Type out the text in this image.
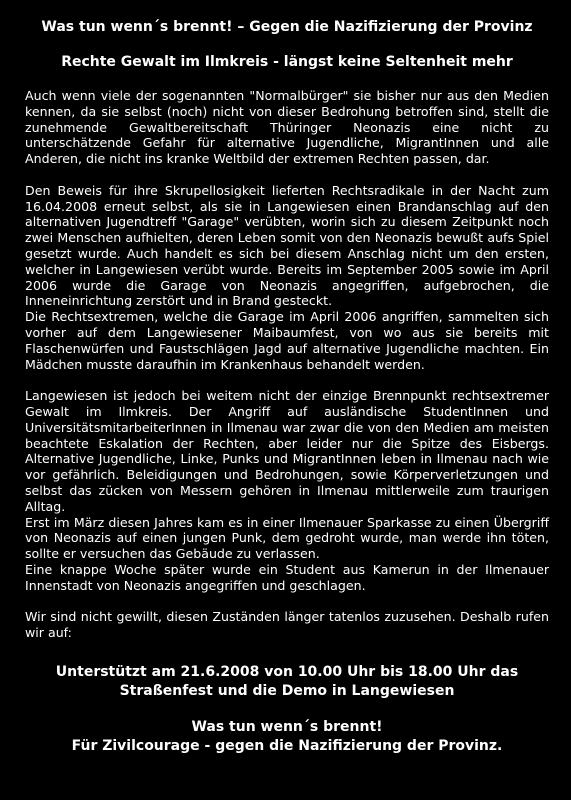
Was tun wenn´s brennt! – Gegen die Nazifizierung der Provinz
Rechte Gewalt im Ilmkreis - längst keine Seltenheit mehr

Auch wenn viele der sogenannten "Normalbürger" sie bisher nur aus den Medien kennen, da sie selbst (noch) nicht von dieser Bedrohung betroffen sind, stellt die zunehmende Gewaltbereitschaft Thüringer Neonazis eine nicht zu unterschätzende Gefahr für alternative Jugendliche, MigrantInnen und alle Anderen, die nicht ins kranke Weltbild der extremen Rechten passen, dar.

Den Beweis für ihre Skrupellosigkeit lieferten Rechtsradikale in der Nacht zum 16.04.2008 erneut selbst, als sie in Langewiesen einen Brandanschlag auf den alternativen Jugendtreff "Garage" verübten, worin sich zu diesem Zeitpunkt noch zwei Menschen aufhielten, deren Leben somit von den Neonazis bewußt aufs Spiel gesetzt wurde. Auch handelt es sich bei diesem Anschlag nicht um den ersten, welcher in Langewiesen verübt wurde. Bereits im September 2005 sowie im April 2006 wurde die Garage von Neonazis angegriffen, aufgebrochen, die Inneneinrichtung zerstört und in Brand gesteckt.

Die Rechtsextremen, welche die Garage im April 2006 angriffen, sammelten sich vorher auf dem Langewiesener Maibaumfest, von wo aus sie bereits mit Flaschenwürfen und Faustschlägen Jagd auf alternative Jugendliche machten. Ein Mädchen musste daraufhin im Krankenhaus behandelt werden.

Langewiesen ist jedoch bei weitem nicht der einzige Brennpunkt rechtsextremer Gewalt im Ilmkreis. Der Angriff auf ausländische StudentInnen und UniversitätsmitarbeiterInnen in Ilmenau war zwar die von den Medien am meisten beachtete Eskalation der Rechten, aber leider nur die Spitze des Eisbergs. Alternative Jugendliche, Linke, Punks und MigrantInnen leben in Ilmenau nach wie vor gefährlich. Beleidigungen und Bedrohungen, sowie Körperverletzungen und selbst das zücken von Messern gehören in Ilmenau mittlerweile zum traurigen Alltag.

Erst im März diesen Jahres kam es in einer Ilmenauer Sparkasse zu einen Übergriff von Neonazis auf einen jungen Punk, dem gedroht wurde, man werde ihn töten, sollte er versuchen das Gebäude zu verlassen.

Eine knappe Woche später wurde ein Student aus Kamerun in der Ilmenauer Innenstadt von Neonazis angegriffen und geschlagen.

Wir sind nicht gewillt, diesen Zuständen länger tatenlos zuzusehen. Deshalb rufen wir auf:

Unterstützt am 21.6.2008 von 10.00 Uhr bis 18.00 Uhr das
Straßenfest und die Demo in Langewiesen

Was tun wenn´s brennt!
Für Zivilcourage - gegen die Nazifizierung der Provinz.
